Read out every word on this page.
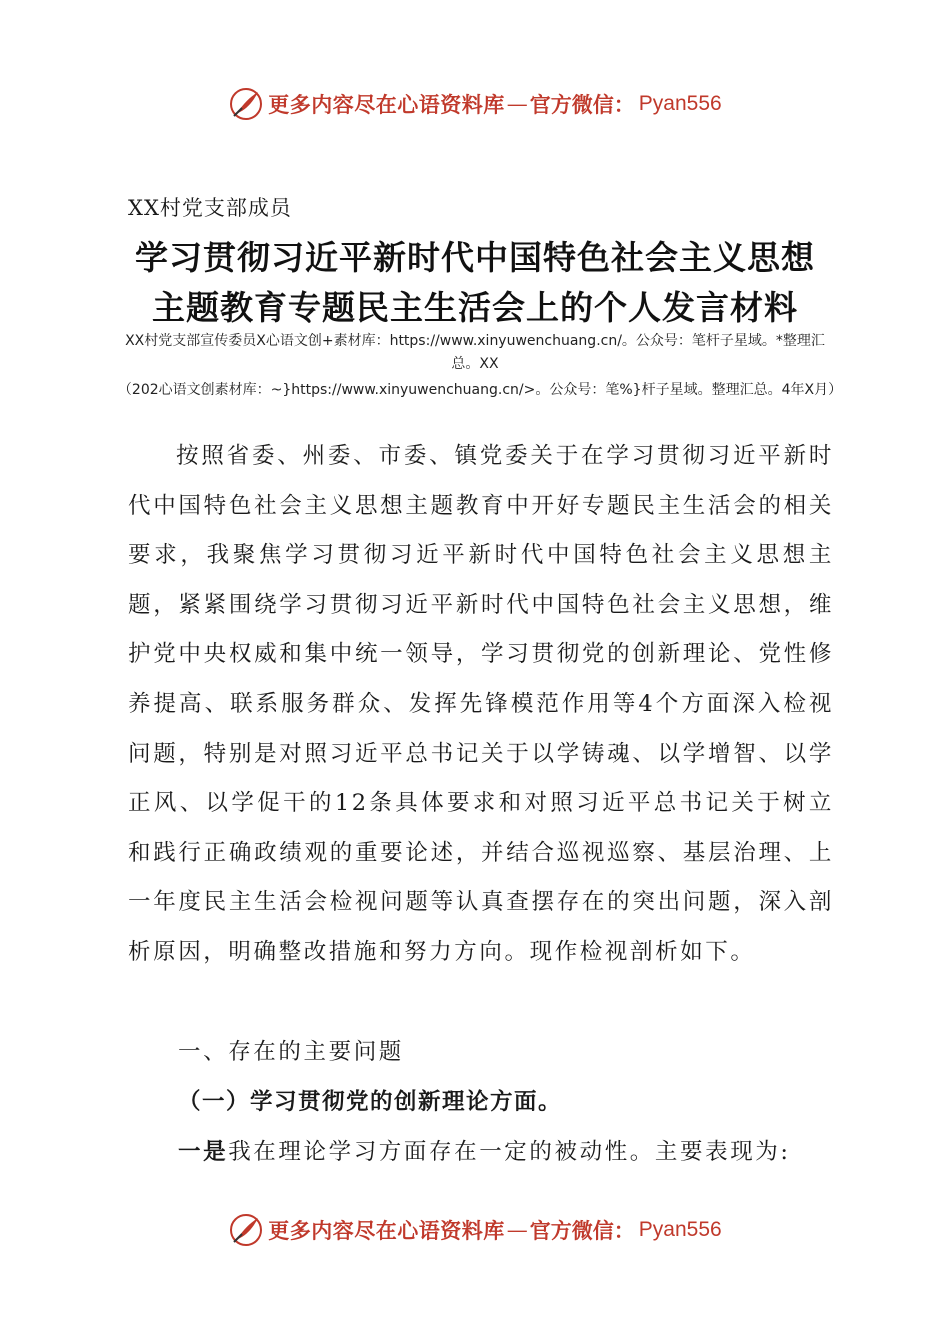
更多内容尽在心语资料库 — 官方微信： Pyan556
XX村党支部成员
学习贯彻习近平新时代中国特色社会主义思想
主题教育专题民主生活会上的个人发言材料
XX村党支部宣传委员X心语文创+素材库：https://www.xinyuwenchuang.cn/。公众号：笔杆子星域。*整理汇总。XX
（202心语文创素材库：~}https://www.xinyuwenchuang.cn/>。公众号：笔%}杆子星域。整理汇总。4年X月）
按照省委、州委、市委、镇党委关于在学习贯彻习近平新时代中国特色社会主义思想主题教育中开好专题民主生活会的相关要求，我聚焦学习贯彻习近平新时代中国特色社会主义思想主题，紧紧围绕学习贯彻习近平新时代中国特色社会主义思想，维护党中央权威和集中统一领导，学习贯彻党的创新理论、党性修养提高、联系服务群众、发挥先锋模范作用等4个方面深入检视问题，特别是对照习近平总书记关于以学铸魂、以学增智、以学正风、以学促干的12条具体要求和对照习近平总书记关于树立和践行正确政绩观的重要论述，并结合巡视巡察、基层治理、上一年度民主生活会检视问题等认真查摆存在的突出问题，深入剖析原因，明确整改措施和努力方向。现作检视剖析如下。
一、存在的主要问题
（一）学习贯彻党的创新理论方面。
一是我在理论学习方面存在一定的被动性。主要表现为:
更多内容尽在心语资料库 — 官方微信： Pyan556
